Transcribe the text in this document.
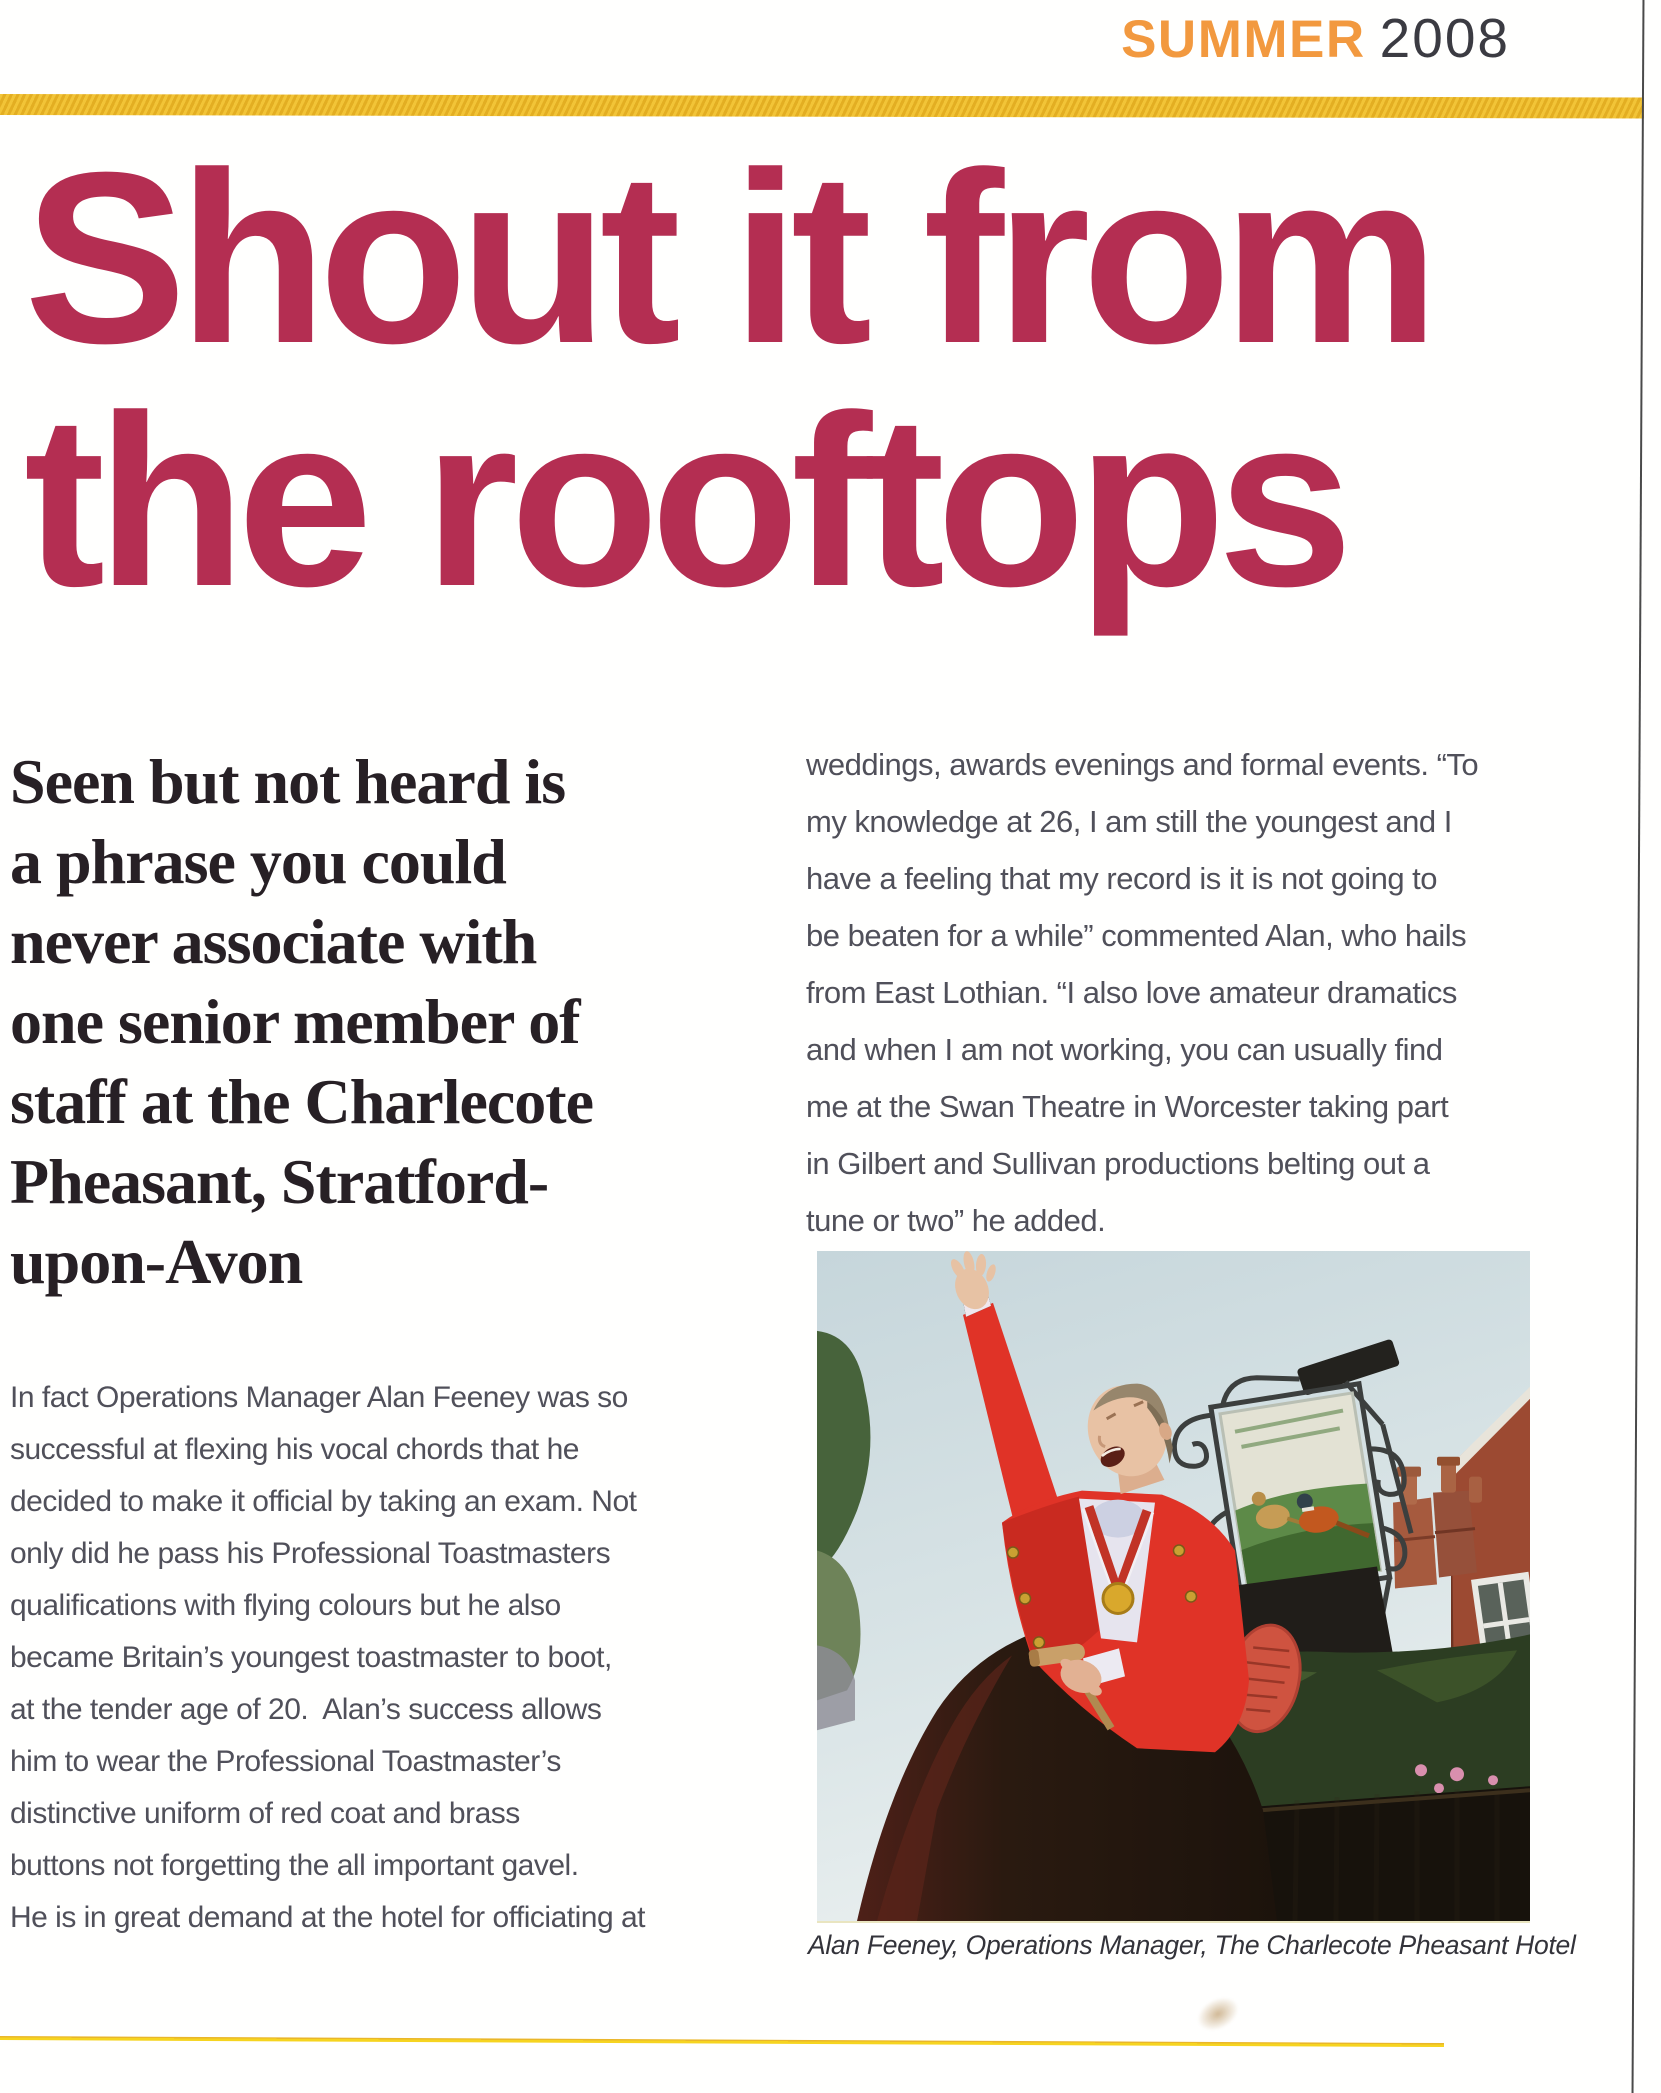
SUMMER 2008
Shout it from
the rooftops
Seen but not heard is
a phrase you could
never associate with
one senior member of
staff at the Charlecote
Pheasant, Stratford-
upon-Avon
In fact Operations Manager Alan Feeney was so
successful at flexing his vocal chords that he
decided to make it official by taking an exam. Not
only did he pass his Professional Toastmasters
qualifications with flying colours but he also
became Britain’s youngest toastmaster to boot,
at the tender age of 20.  Alan’s success allows
him to wear the Professional Toastmaster’s
distinctive uniform of red coat and brass
buttons not forgetting the all important gavel.
He is in great demand at the hotel for officiating at
weddings, awards evenings and formal events. “To
my knowledge at 26, I am still the youngest and I
have a feeling that my record is it is not going to
be beaten for a while” commented Alan, who hails
from East Lothian. “I also love amateur dramatics
and when I am not working, you can usually find
me at the Swan Theatre in Worcester taking part
in Gilbert and Sullivan productions belting out a
tune or two” he added.
Alan Feeney, Operations Manager, The Charlecote Pheasant Hotel
